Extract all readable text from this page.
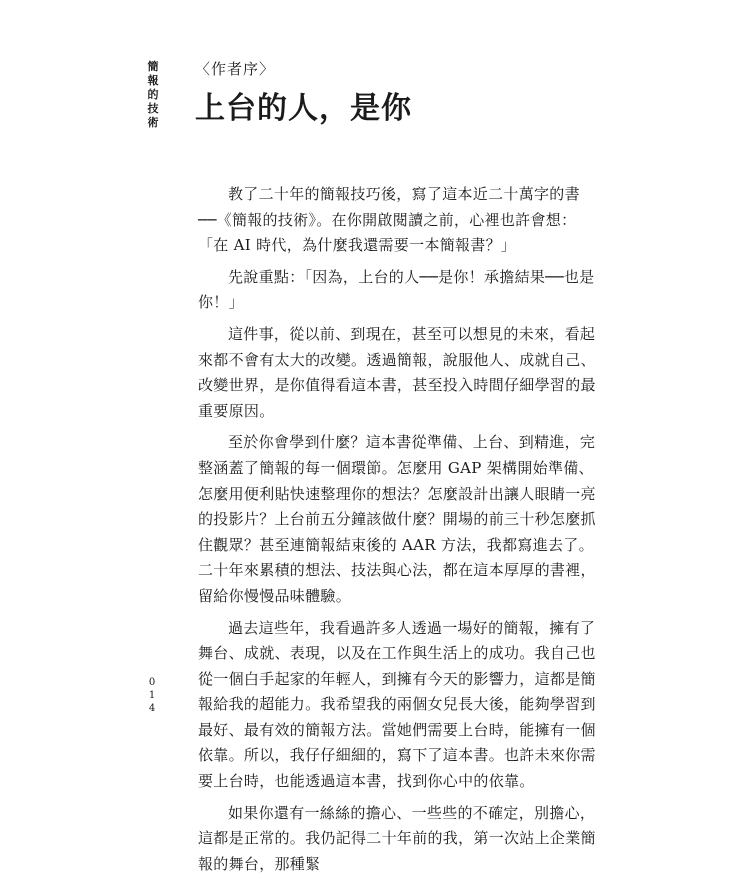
簡報的技術
014
〈作者序〉
上台的人，是你

教了二十年的簡報技巧後，寫了這本近二十萬字的書──《簡報的技術》。在你開啟閱讀之前，心裡也許會想：「在 AI 時代，為什麼我還需要一本簡報書？」

先說重點：「因為，上台的人──是你！承擔結果──也是你！」

這件事，從以前、到現在，甚至可以想見的未來，看起來都不會有太大的改變。透過簡報，說服他人、成就自己、改變世界，是你值得看這本書，甚至投入時間仔細學習的最重要原因。

至於你會學到什麼？這本書從準備、上台、到精進，完整涵蓋了簡報的每一個環節。怎麼用 GAP 架構開始準備、怎麼用便利貼快速整理你的想法？怎麼設計出讓人眼睛一亮的投影片？上台前五分鐘該做什麼？開場的前三十秒怎麼抓住觀眾？甚至連簡報結束後的 AAR 方法，我都寫進去了。二十年來累積的想法、技法與心法，都在這本厚厚的書裡，留給你慢慢品味體驗。

過去這些年，我看過許多人透過一場好的簡報，擁有了舞台、成就、表現，以及在工作與生活上的成功。我自己也從一個白手起家的年輕人，到擁有今天的影響力，這都是簡報給我的超能力。我希望我的兩個女兒長大後，能夠學習到最好、最有效的簡報方法。當她們需要上台時，能擁有一個依靠。所以，我仔仔細細的，寫下了這本書。也許未來你需要上台時，也能透過這本書，找到你心中的依靠。

如果你還有一絲絲的擔心、一些些的不確定，別擔心，這都是正常的。我仍記得二十年前的我，第一次站上企業簡報的舞台，那種緊
